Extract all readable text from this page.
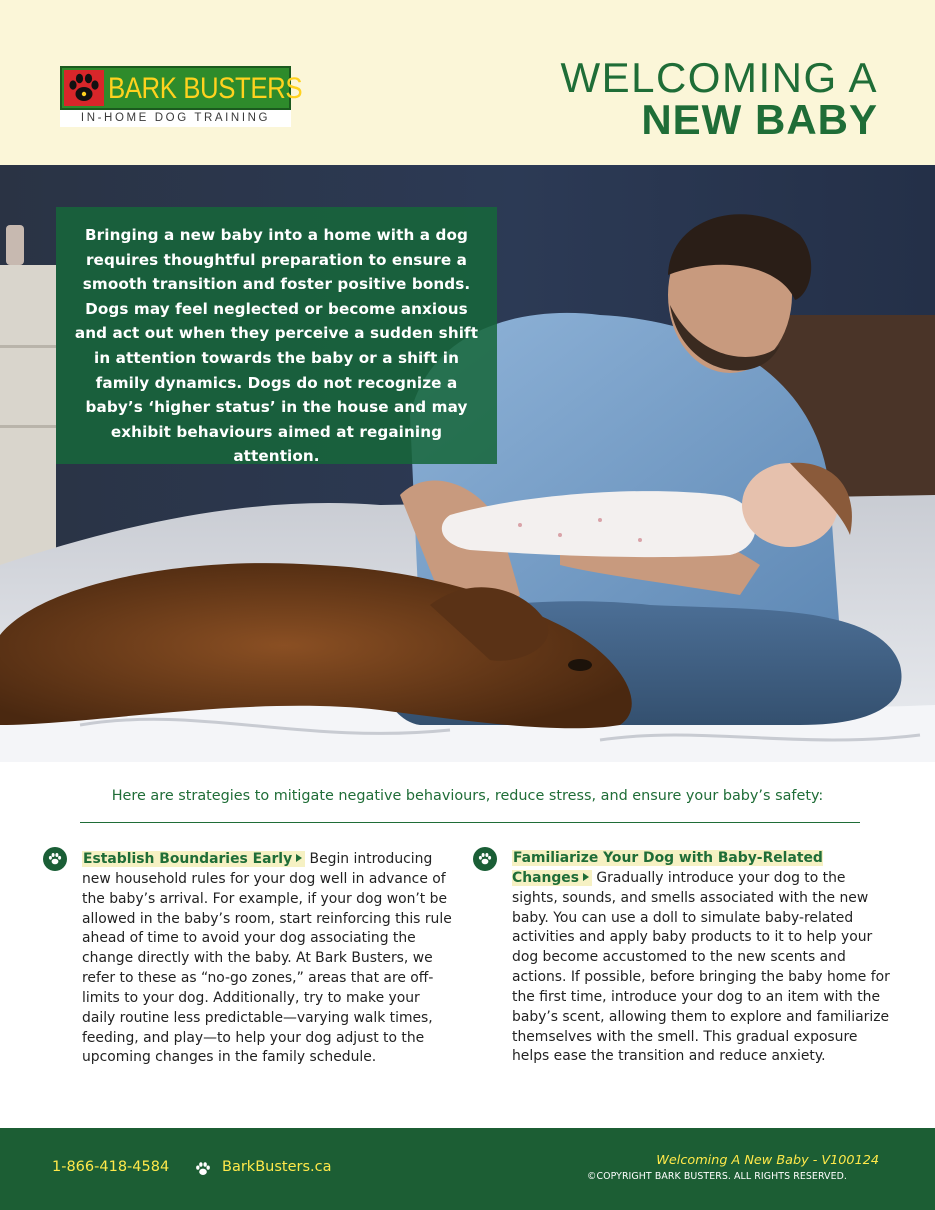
BARK BUSTERS
IN-HOME DOG TRAINING
WELCOMING A
NEW BABY

Bringing a new baby into a home with a dog requires thoughtful preparation to ensure a smooth transition and foster positive bonds. Dogs may feel neglected or become anxious and act out when they perceive a sudden shift in attention towards the baby or a shift in family dynamics. Dogs do not recognize a baby’s ‘higher status’ in the house and may exhibit behaviours aimed at regaining attention.

Here are strategies to mitigate negative behaviours, reduce stress, and ensure your baby’s safety:
Establish Boundaries Early Begin introducing new household rules for your dog well in advance of the baby’s arrival. For example, if your dog won’t be allowed in the baby’s room, start reinforcing this rule ahead of time to avoid your dog associating the change directly with the baby. At Bark Busters, we refer to these as “no-go zones,” areas that are off-limits to your dog. Additionally, try to make your daily routine less predictable—varying walk times, feeding, and play—to help your dog adjust to the upcoming changes in the family schedule.
Familiarize Your Dog with Baby-Related Changes Gradually introduce your dog to the sights, sounds, and smells associated with the new baby. You can use a doll to simulate baby-related activities and apply baby products to it to help your dog become accustomed to the new scents and actions. If possible, before bringing the baby home for the first time, introduce your dog to an item with the baby’s scent, allowing them to explore and familiarize themselves with the smell. This gradual exposure helps ease the transition and reduce anxiety.
1-866-418-4584	BarkBusters.ca	Welcoming A New Baby - V100124
©COPYRIGHT BARK BUSTERS. ALL RIGHTS RESERVED.
